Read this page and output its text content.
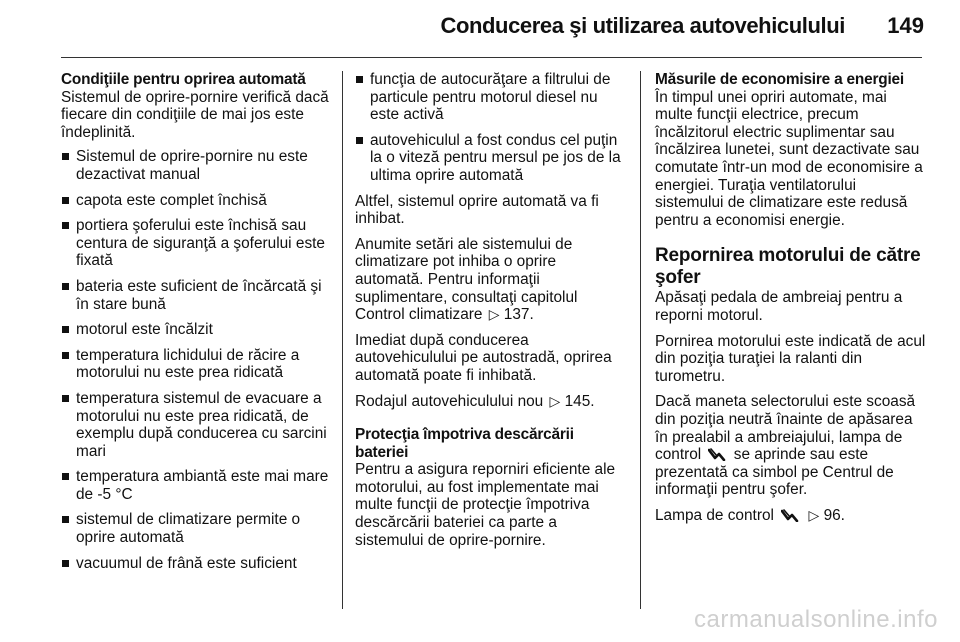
Conducerea şi utilizarea autovehiculului 149
Condiţiile pentru oprirea automată

Sistemul de oprire-pornire verifică dacă fiecare din condiţiile de mai jos este îndeplinită.

Sistemul de oprire-pornire nu este dezactivat manual
capota este complet închisă
portiera şoferului este închisă sau centura de siguranţă a şoferului este fixată
bateria este suficient de încărcată şi în stare bună
motorul este încălzit
temperatura lichidului de răcire a motorului nu este prea ridicată
temperatura sistemul de evacuare a motorului nu este prea ridicată, de exemplu după conducerea cu sarcini mari
temperatura ambiantă este mai mare de -5 °C
sistemul de climatizare permite o oprire automată
vacuumul de frână este suficient
funcţia de autocurăţare a filtrului de particule pentru motorul diesel nu este activă
autovehiculul a fost condus cel puţin la o viteză pentru mersul pe jos de la ultima oprire automată

Altfel, sistemul oprire automată va fi inhibat.

Anumite setări ale sistemului de climatizare pot inhiba o oprire automată. Pentru informaţii suplimentare, consultaţi capitolul Control climatizare ▷ 137.

Imediat după conducerea autovehiculului pe autostradă, oprirea automată poate fi inhibată.

Rodajul autovehiculului nou ▷ 145.

Protecţia împotriva descărcării bateriei

Pentru a asigura reporniri eficiente ale motorului, au fost implementate mai multe funcţii de protecţie împotriva descărcării bateriei ca parte a sistemului de oprire-pornire.

Măsurile de economisire a energiei

În timpul unei opriri automate, mai multe funcţii electrice, precum încălzitorul electric suplimentar sau încălzirea lunetei, sunt dezactivate sau comutate într-un mod de economisire a energiei. Turaţia ventilatorului sistemului de climatizare este redusă pentru a economisi energie.

Repornirea motorului de către şofer

Apăsaţi pedala de ambreiaj pentru a reporni motorul.

Pornirea motorului este indicată de acul din poziţia turaţiei la ralanti din turometru.

Dacă maneta selectorului este scoasă din poziţia neutră înainte de apăsarea în prealabil a ambreiajului, lampa de control se aprinde sau este prezentată ca simbol pe Centrul de informaţii pentru şofer.

Lampa de control ▷ 96.

carmanualsonline.info
